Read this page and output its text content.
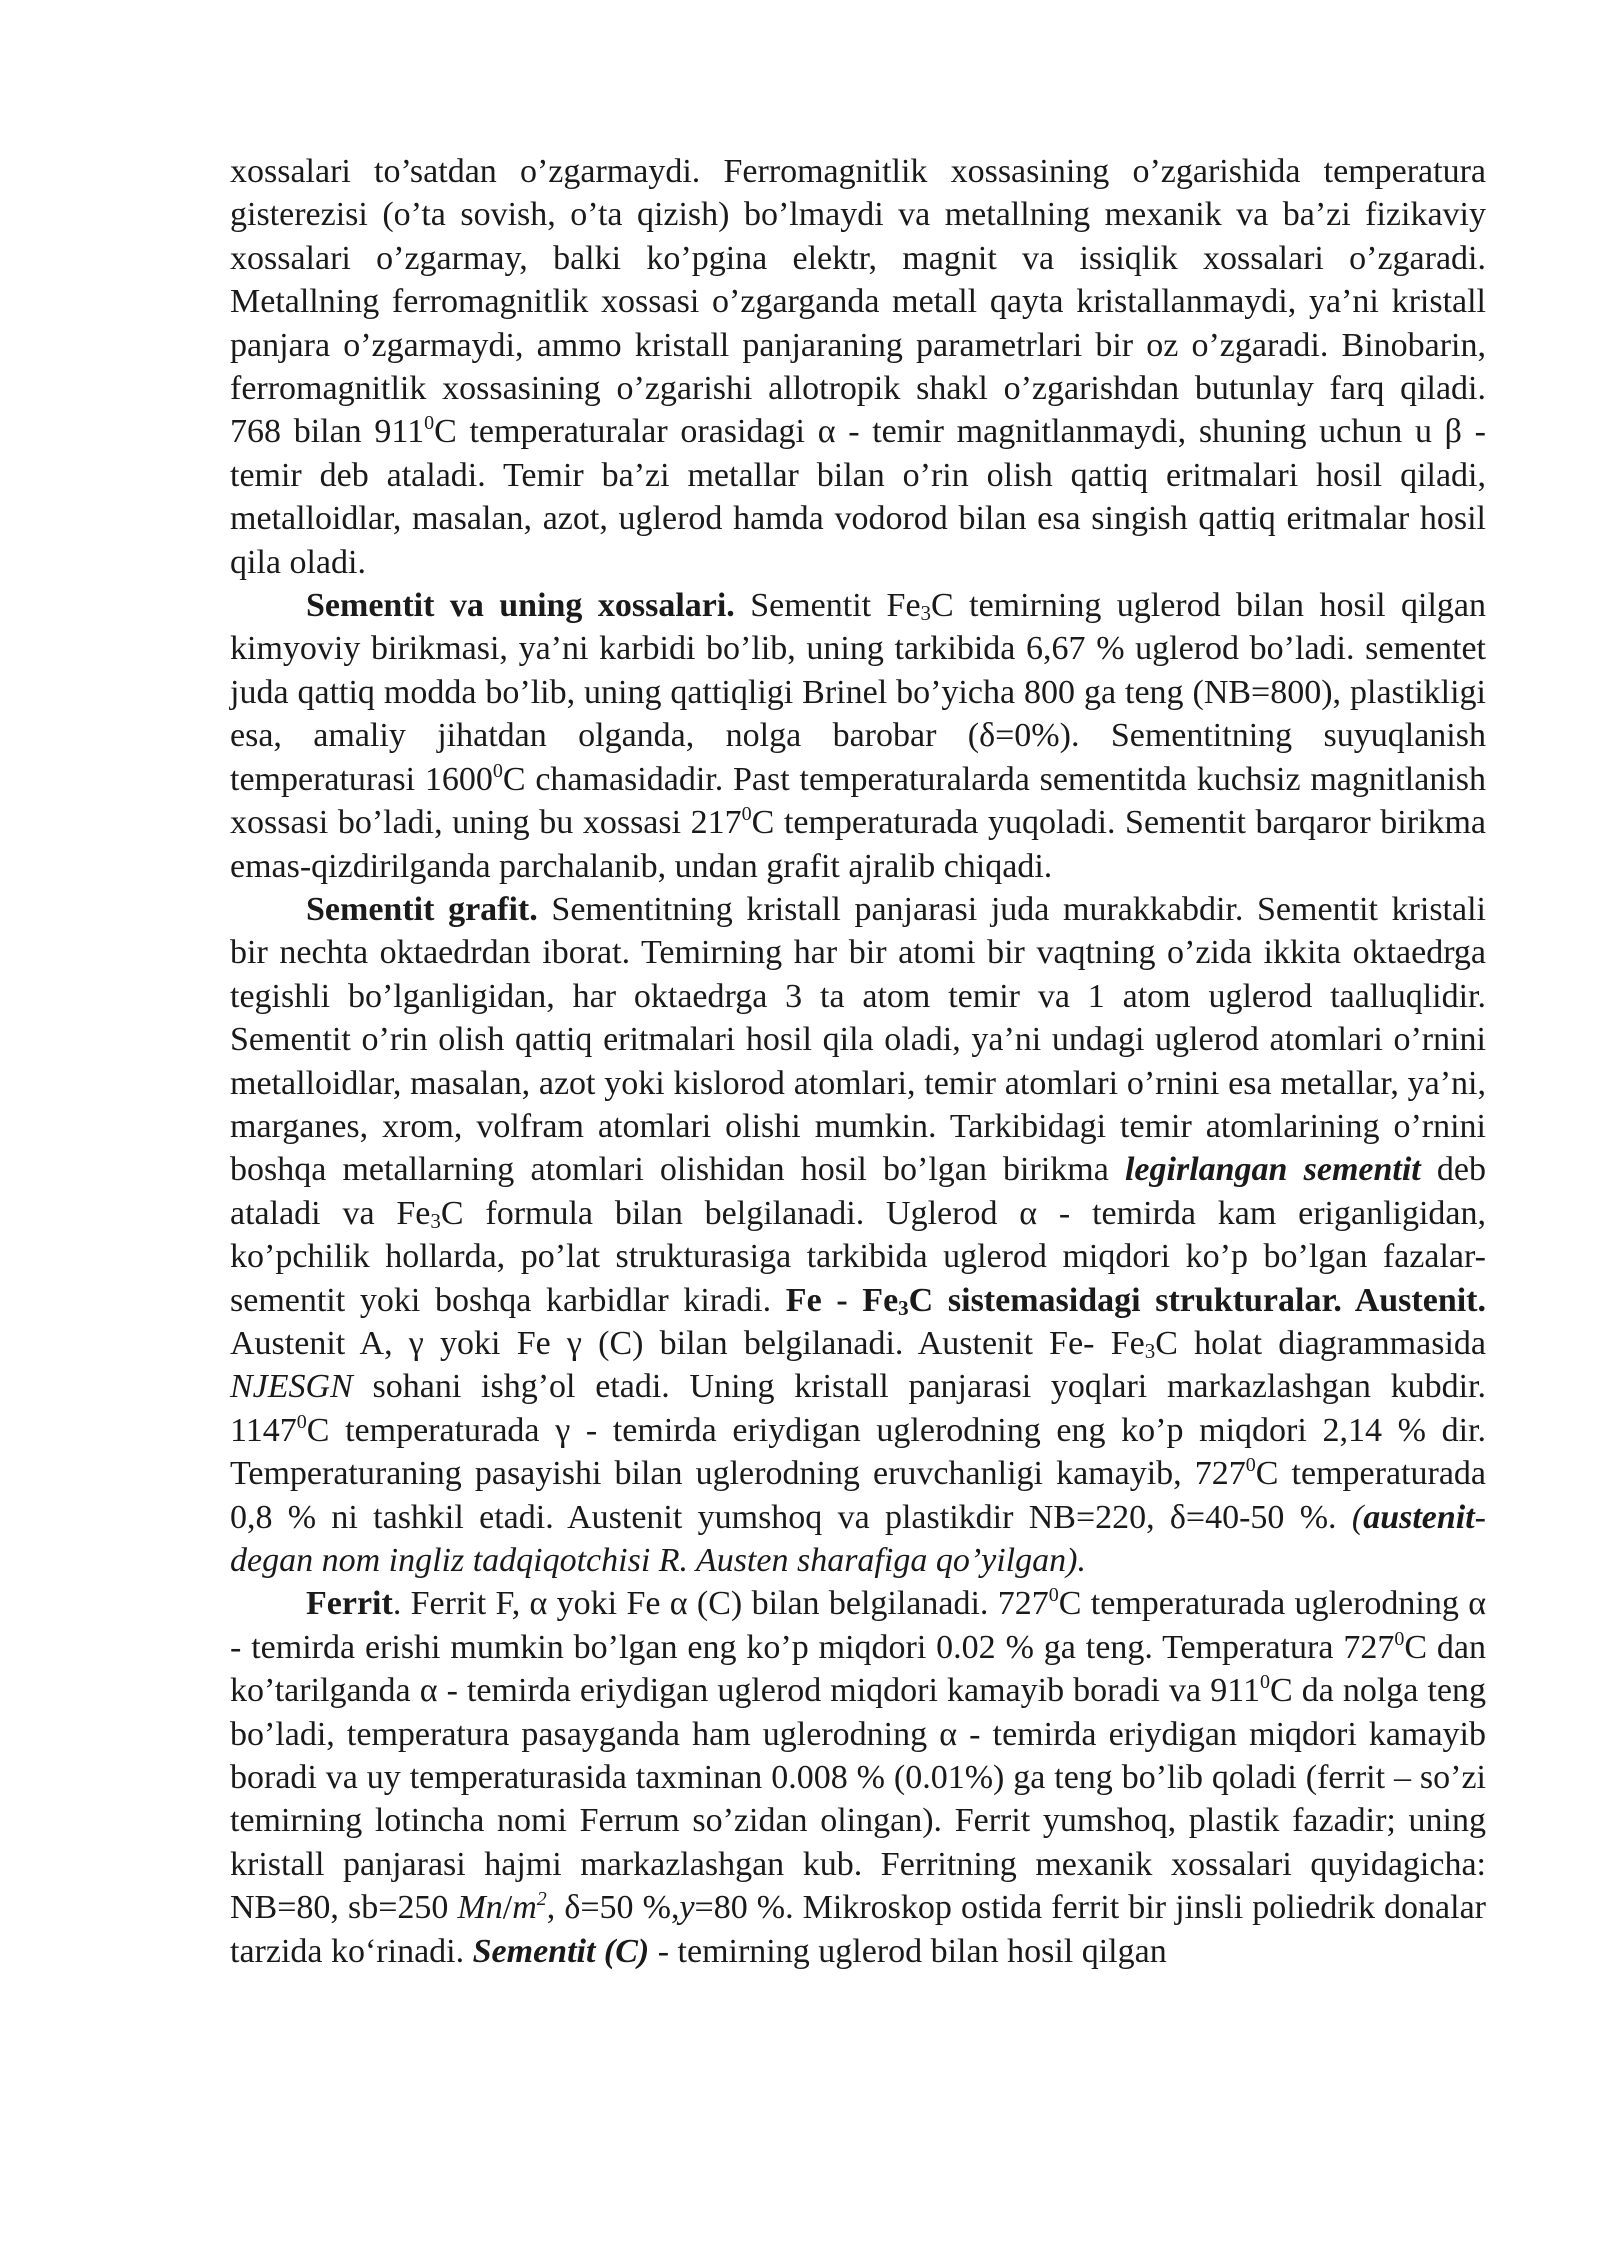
xossalari to’satdan o’zgarmaydi. Ferromagnitlik xossasining o’zgarishida temperatura gisterezisi (o’ta sovish, o’ta qizish) bo’lmaydi va metallning mexanik va ba’zi fizikaviy xossalari o’zgarmay, balki ko’pgina elektr, magnit va issiqlik xossalari o’zgaradi. Metallning ferromagnitlik xossasi o’zgarganda metall qayta kristallanmaydi, ya’ni kristall panjara o’zgarmaydi, ammo kristall panjaraning parametrlari bir oz o’zgaradi. Binobarin, ferromagnitlik xossasining o’zgarishi allotropik shakl o’zgarishdan butunlay farq qiladi. 768 bilan $911^0C$ temperaturalar orasidagi α - temir magnitlanmaydi, shuning uchun u β - temir deb ataladi. Temir ba’zi metallar bilan o’rin olish qattiq eritmalari hosil qiladi, metalloidlar, masalan, azot, uglerod hamda vodorod bilan esa singish qattiq eritmalar hosil qila oladi.

Sementit va uning xossalari. Sementit $Fe_3C$ temirning uglerod bilan hosil qilgan kimyoviy birikmasi, ya’ni karbidi bo’lib, uning tarkibida 6,67 % uglerod bo’ladi. sementet juda qattiq modda bo’lib, uning qattiqligi Brinel bo’yicha 800 ga teng (NB=800), plastikligi esa, amaliy jihatdan olganda, nolga barobar (δ=0%). Sementitning suyuqlanish temperaturasi 1600$^0$C chamasidadir. Past temperaturalarda sementitda kuchsiz magnitlanish xossasi bo’ladi, uning bu xossasi $217^0C$ temperaturada yuqoladi. Sementit barqaror birikma emas-qizdirilganda parchalanib, undan grafit ajralib chiqadi.

Sementit grafit. Sementitning kristall panjarasi juda murakkabdir. Sementit kristali bir nechta oktaedrdan iborat. Temirning har bir atomi bir vaqtning o’zida ikkita oktaedrga tegishli bo’lganligidan, har oktaedrga 3 ta atom temir va 1 atom uglerod taalluqlidir. Sementit o’rin olish qattiq eritmalari hosil qila oladi, ya’ni undagi uglerod atomlari o’rnini metalloidlar, masalan, azot yoki kislorod atomlari, temir atomlari o’rnini esa metallar, ya’ni, marganes, xrom, volfram atomlari olishi mumkin. Tarkibidagi temir atomlarining o’rnini boshqa metallarning atomlari olishidan hosil bo’lgan birikma legirlangan sementit deb ataladi va $Fe_3C$ formula bilan belgilanadi. Uglerod α - temirda kam eriganligidan, ko’pchilik hollarda, po’lat strukturasiga tarkibida uglerod miqdori ko’p bo’lgan fazalar-sementit yoki boshqa karbidlar kiradi. Fe - $Fe_3C$ sistemasidagi strukturalar. Austenit. Austenit A, γ yoki Fe γ (C) bilan belgilanadi. Austenit Fe- $Fe_3C$ holat diagrammasida NJESGN sohani ishg’ol etadi. Uning kristall panjarasi yoqlari markazlashgan kubdir. 1147$^0$C temperaturada γ - temirda eriydigan uglerodning eng ko’p miqdori 2,14 % dir. Temperaturaning pasayishi bilan uglerodning eruvchanligi kamayib, $727^0C$ temperaturada 0,8 % ni tashkil etadi. Austenit yumshoq va plastikdir NB=220, δ=40-50 %. (austenit-degan nom ingliz tadqiqotchisi R. Austen sharafiga qo’yilgan).

Ferrit. Ferrit F, α yoki Fe α (C) bilan belgilanadi. $727^0C$ temperaturada uglerodning α - temirda erishi mumkin bo’lgan eng ko’p miqdori 0.02 % ga teng. Temperatura $727^0C$ dan ko’tarilganda α - temirda eriydigan uglerod miqdori kamayib boradi va $911^0C$ da nolga teng bo’ladi, temperatura pasayganda ham uglerodning α - temirda eriydigan miqdori kamayib boradi va uy temperaturasida taxminan 0.008 % (0.01%) ga teng bo’lib qoladi (ferrit – so’zi temirning lotincha nomi Ferrum so’zidan olingan). Ferrit yumshoq, plastik fazadir; uning kristall panjarasi hajmi markazlashgan kub. Ferritning mexanik xossalari quyidagicha: NB=80, sb=250 $Mn/m^2$, δ=50 %,y=80 %. Mikroskop ostida ferrit bir jinsli poliedrik donalar tarzida ko‘rinadi. Sementit (C) - temirning uglerod bilan hosil qilgan
